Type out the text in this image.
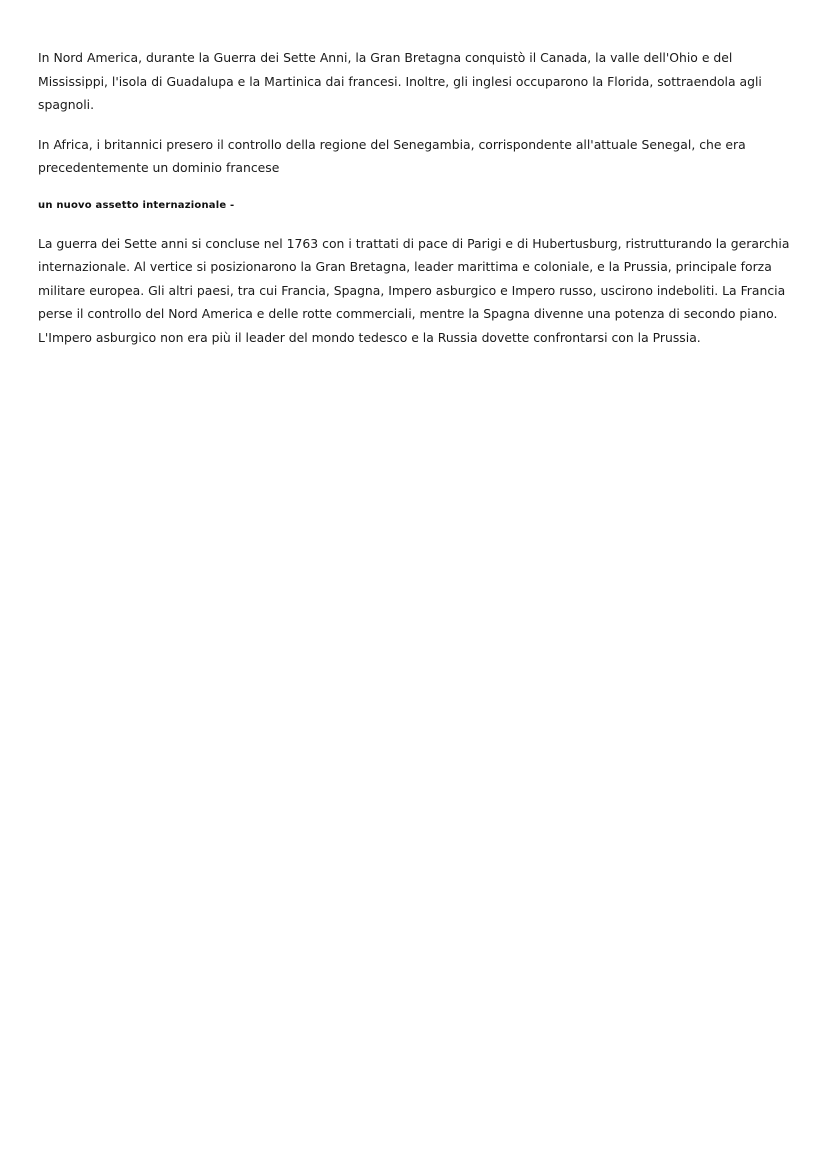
In Nord America, durante la Guerra dei Sette Anni, la Gran Bretagna conquistò il Canada, la valle dell'Ohio e del Mississippi, l'isola di Guadalupa e la Martinica dai francesi. Inoltre, gli inglesi occuparono la Florida, sottraendola agli spagnoli.

In Africa, i britannici presero il controllo della regione del Senegambia, corrispondente all'attuale Senegal, che era precedentemente un dominio francese

un nuovo assetto internazionale -

La guerra dei Sette anni si concluse nel 1763 con i trattati di pace di Parigi e di Hubertusburg, ristrutturando la gerarchia internazionale. Al vertice si posizionarono la Gran Bretagna, leader marittima e coloniale, e la Prussia, principale forza militare europea. Gli altri paesi, tra cui Francia, Spagna, Impero asburgico e Impero russo, uscirono indeboliti. La Francia perse il controllo del Nord America e delle rotte commerciali, mentre la Spagna divenne una potenza di secondo piano. L'Impero asburgico non era più il leader del mondo tedesco e la Russia dovette confrontarsi con la Prussia.
